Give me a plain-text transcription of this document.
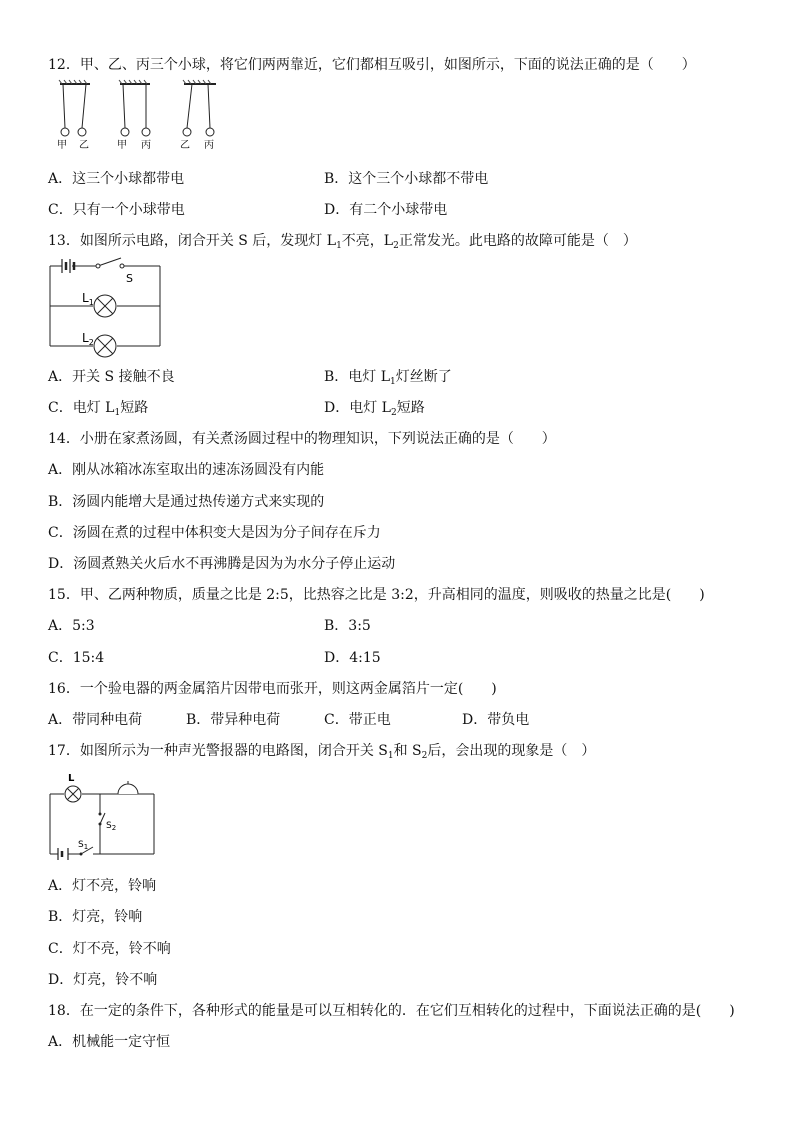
12．甲、乙、丙三个小球，将它们两两靠近，它们都相互吸引，如图所示，下面的说法正确的是（　　）
甲 乙	甲 丙	乙 丙
A．这三个小球都带电	B．这个三个小球都不带电
C．只有一个小球带电	D．有二个小球带电
13．如图所示电路，闭合开关 S 后，发现灯 $L_1$不亮，$L_2$正常发光。此电路的故障可能是（　）
S
$L_1$
$L_2$
A．开关 S 接触不良	B．电灯 $L_1$灯丝断了
C．电灯 $L_1$短路	D．电灯 $L_2$短路
14．小册在家煮汤圆，有关煮汤圆过程中的物理知识，下列说法正确的是（　　）
A．刚从冰箱冰冻室取出的速冻汤圆没有内能
B．汤圆内能增大是通过热传递方式来实现的
C．汤圆在煮的过程中体积变大是因为分子间存在斥力
D．汤圆煮熟关火后水不再沸腾是因为为水分子停止运动
15．甲、乙两种物质，质量之比是 2:5，比热容之比是 3:2，升高相同的温度，则吸收的热量之比是(　　)
A．5:3	B．3:5
C．15:4	D．4:15
16．一个验电器的两金属箔片因带电而张开，则这两金属箔片一定(　　)
A．带同种电荷	B．带异种电荷	C．带正电	D．带负电
17．如图所示为一种声光警报器的电路图，闭合开关 $S_1$和 $S_2$后，会出现的现象是（　）
L
$S_2$
$S_1$
A．灯不亮，铃响
B．灯亮，铃响
C．灯不亮，铃不响
D．灯亮，铃不响
18．在一定的条件下，各种形式的能量是可以互相转化的．在它们互相转化的过程中，下面说法正确的是(　　)
A．机械能一定守恒
